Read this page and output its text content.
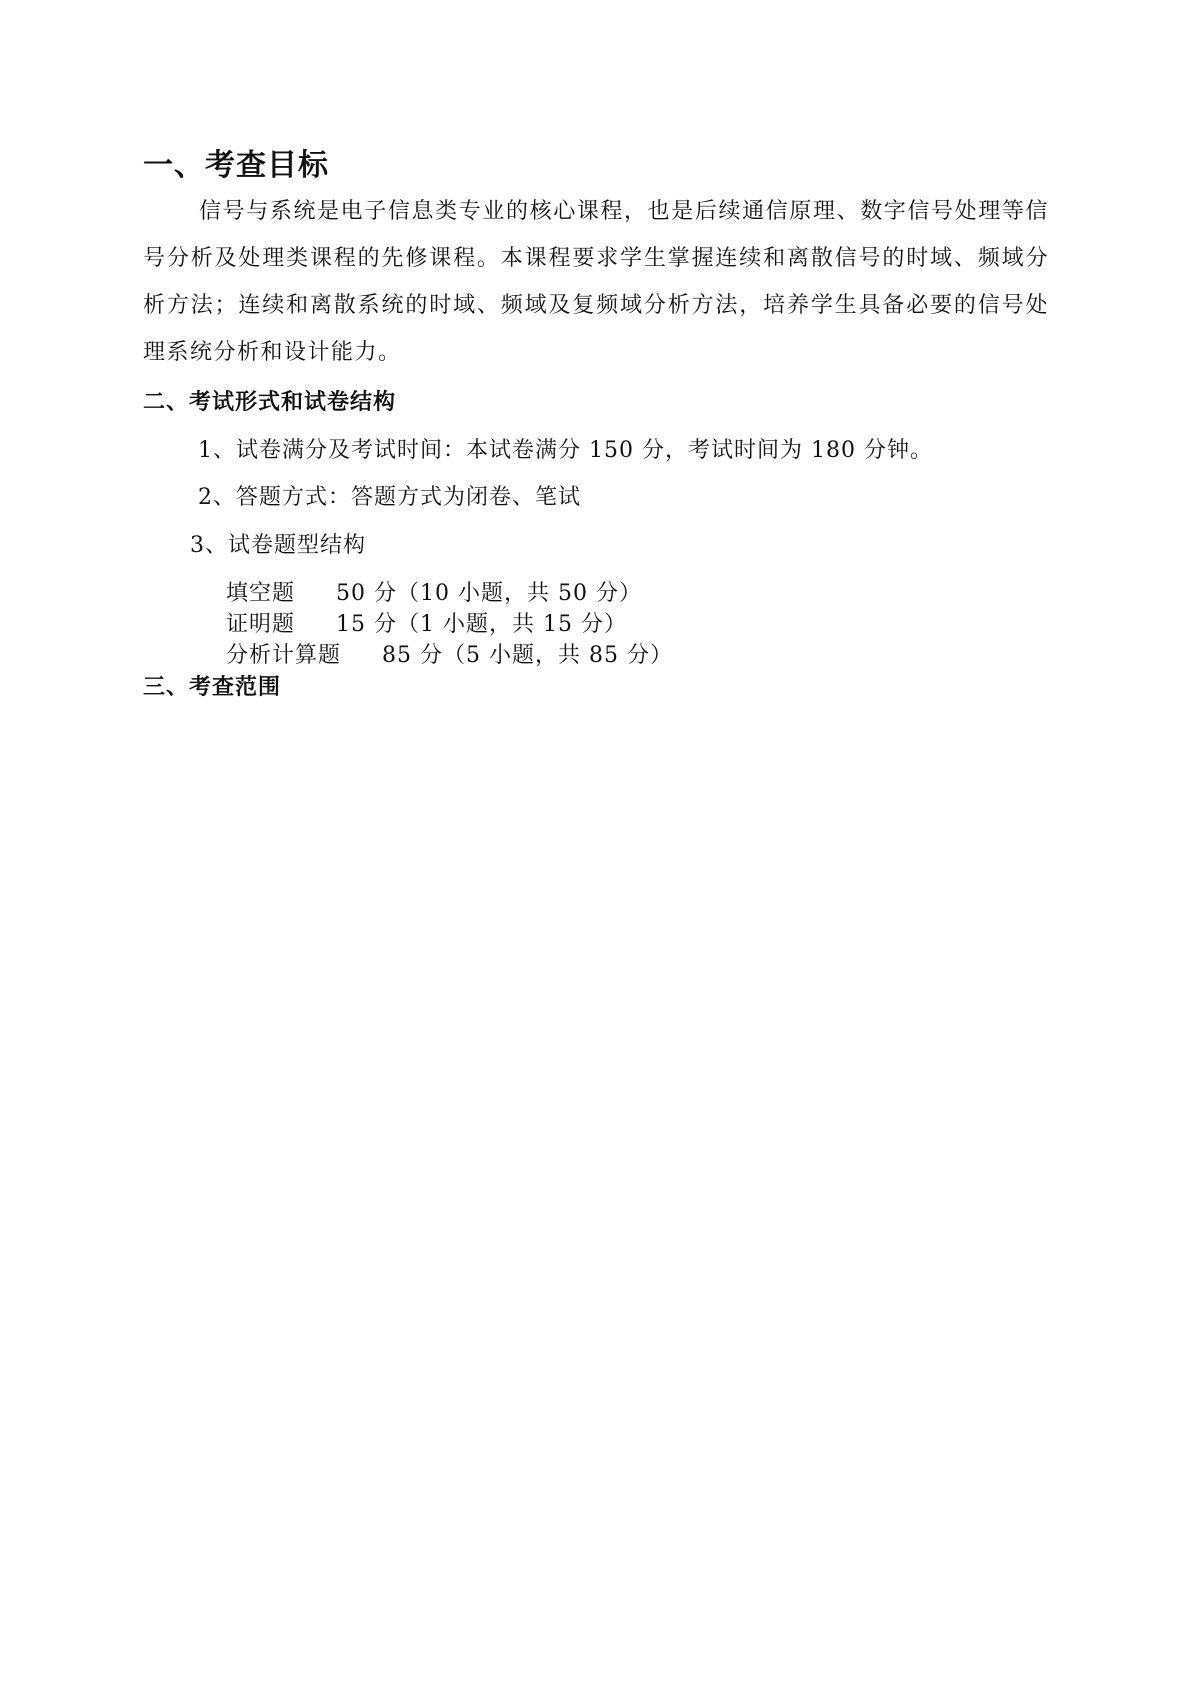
一、考查目标

信号与系统是电子信息类专业的核心课程，也是后续通信原理、数字信号处理等信号分析及处理类课程的先修课程。本课程要求学生掌握连续和离散信号的时域、频域分析方法；连续和离散系统的时域、频域及复频域分析方法，培养学生具备必要的信号处理系统分析和设计能力。

二、考试形式和试卷结构

1、试卷满分及考试时间：本试卷满分 150 分，考试时间为 180 分钟。

2、答题方式：答题方式为闭卷、笔试

3、试卷题型结构

填空题 50 分（10 小题，共 50 分）
证明题 15 分（1 小题，共 15 分）
分析计算题 85 分（5 小题，共 85 分）
三、考查范围
